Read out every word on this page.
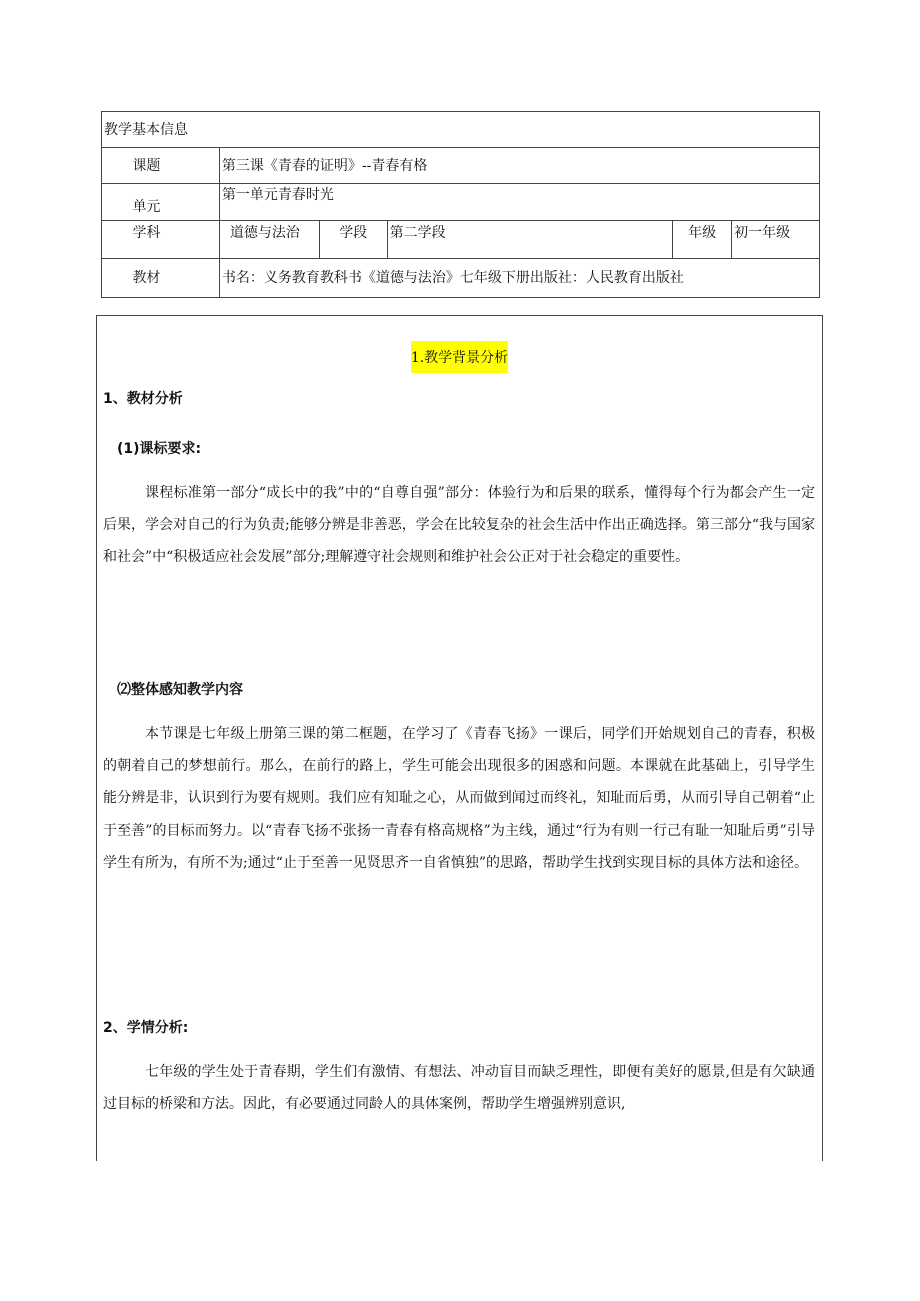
教学基本信息					

课题	第三课《青春的证明》--青春有格				

单元	第一单元青春时光				

学科	道德与法治	学段	第二学段	年级	初一年级

教材	书名：义务教育教科书《道德与法治》七年级下册出版社：人民教育出版社				
1.教学背景分析
1、教材分析
(1)课标要求:

课程标准第一部分“成长中的我”中的“自尊自强”部分：体验行为和后果的联系，懂得每个行为都会产生一定后果，学会对自己的行为负责;能够分辨是非善恶，学会在比较复杂的社会生活中作出正确选择。第三部分“我与国家和社会”中“积极适应社会发展”部分;理解遵守社会规则和维护社会公正对于社会稳定的重要性。

⑵整体感知教学内容

本节课是七年级上册第三课的第二框题，在学习了《青春飞扬》一课后，同学们开始规划自己的青春，积极的朝着自己的梦想前行。那么，在前行的路上，学生可能会出现很多的困惑和问题。本课就在此基础上，引导学生能分辨是非，认识到行为要有规则。我们应有知耻之心，从而做到闻过而终礼，知耻而后勇，从而引导自己朝着“止于至善”的目标而努力。以“青春飞扬不张扬一青春有格高规格”为主线，通过“行为有则一行己有耻一知耻后勇”引导学生有所为，有所不为;通过“止于至善一见贤思齐一自省慎独”的思路，帮助学生找到实现目标的具体方法和途径。

2、学情分析:

七年级的学生处于青春期，学生们有激情、有想法、冲动盲目而缺乏理性，即便有美好的愿景,但是有欠缺通过目标的桥梁和方法。因此，有必要通过同龄人的具体案例，帮助学生增强辨别意识,
